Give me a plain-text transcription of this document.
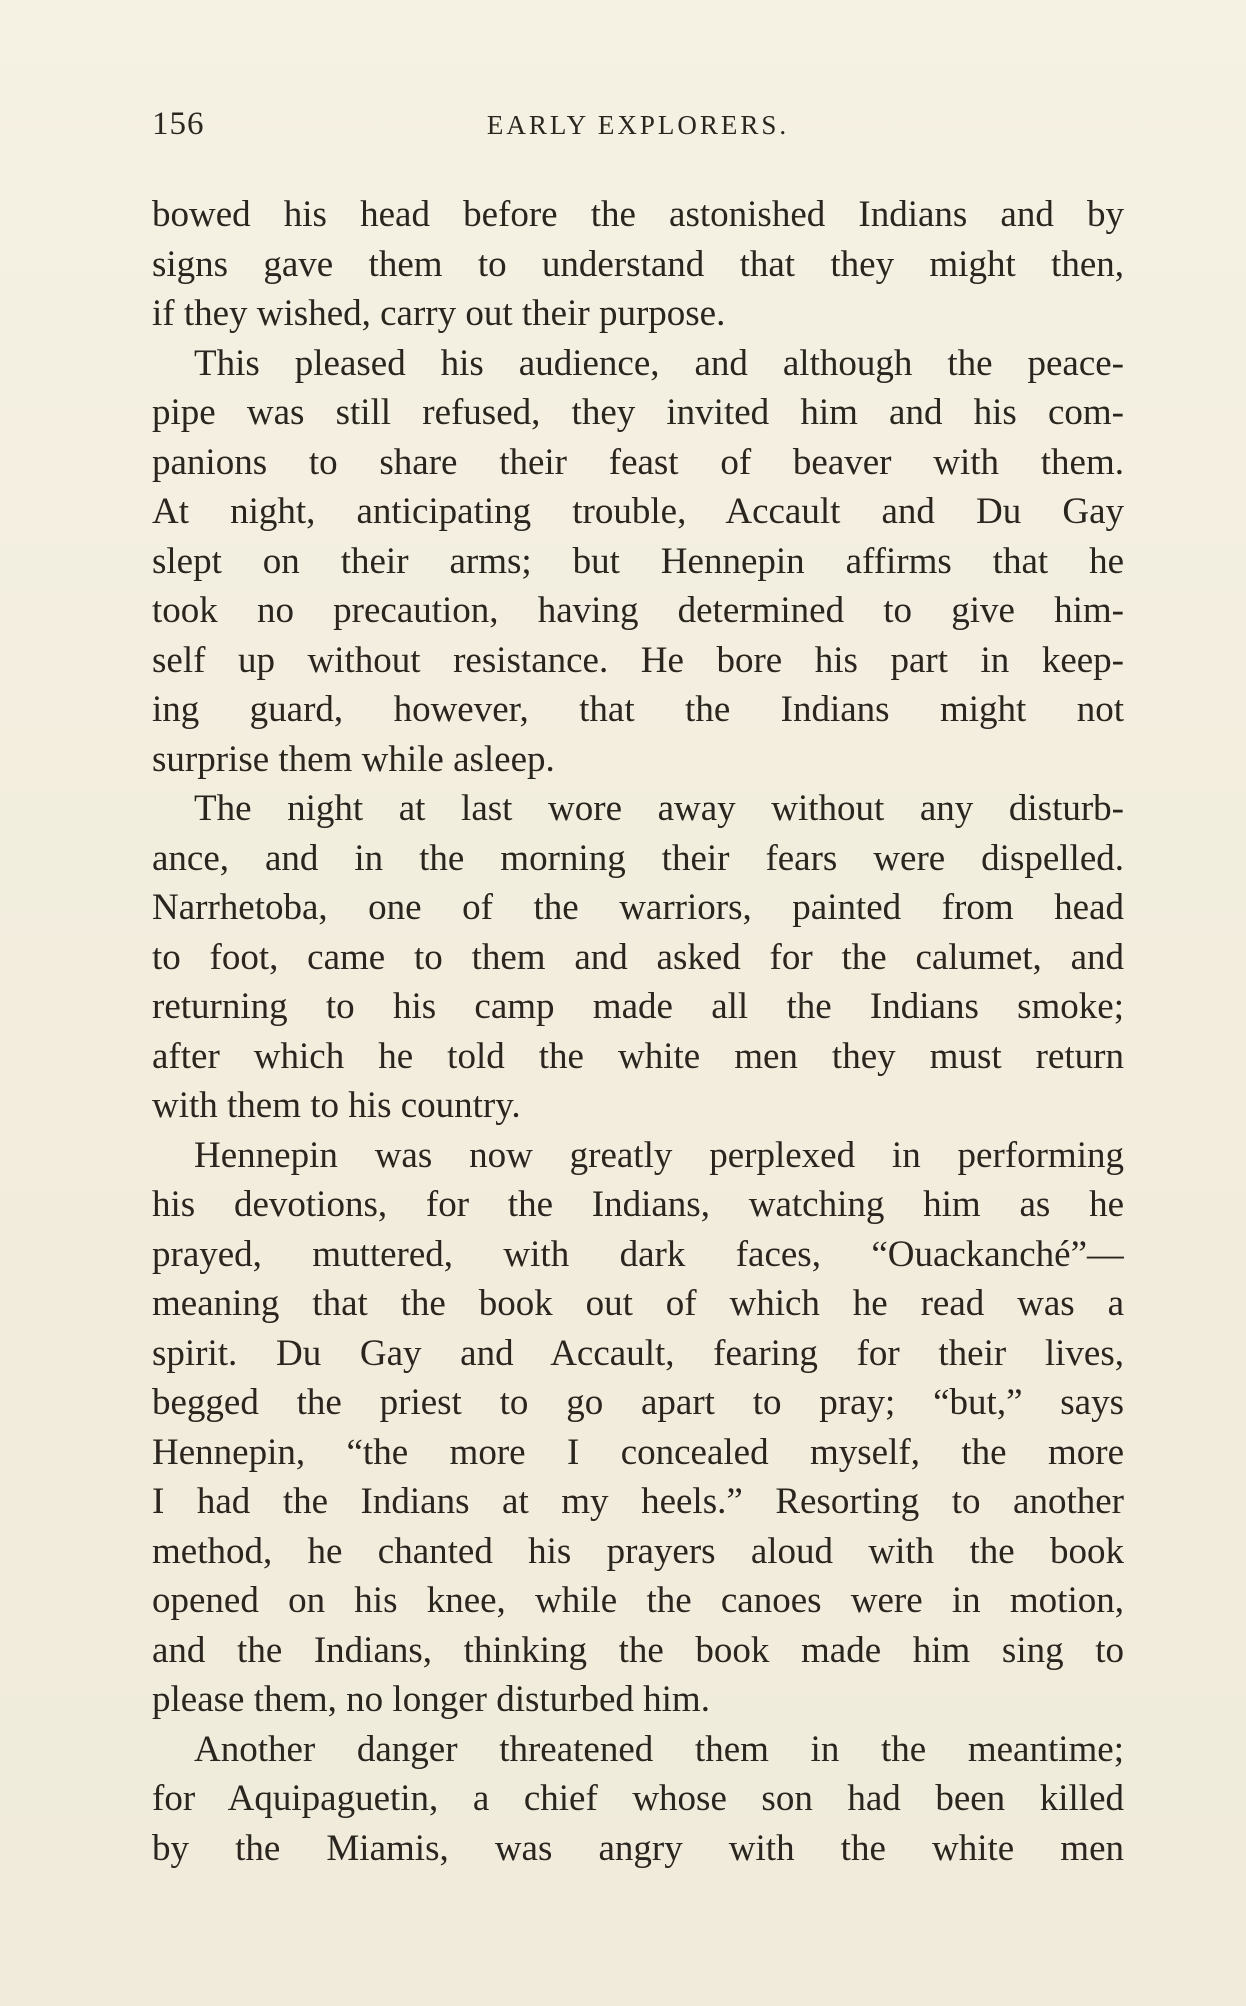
156	EARLY EXPLORERS.
bowed his head before the astonished Indians and by
signs gave them to understand that they might then,
if they wished, carry out their purpose.
This pleased his audience, and although the peace-
pipe was still refused, they invited him and his com-
panions to share their feast of beaver with them.
At night, anticipating trouble, Accault and Du Gay
slept on their arms; but Hennepin affirms that he
took no precaution, having determined to give him-
self up without resistance. He bore his part in keep-
ing guard, however, that the Indians might not
surprise them while asleep.
The night at last wore away without any disturb-
ance, and in the morning their fears were dispelled.
Narrhetoba, one of the warriors, painted from head
to foot, came to them and asked for the calumet, and
returning to his camp made all the Indians smoke;
after which he told the white men they must return
with them to his country.
Hennepin was now greatly perplexed in performing
his devotions, for the Indians, watching him as he
prayed, muttered, with dark faces, “Ouackanché”—
meaning that the book out of which he read was a
spirit. Du Gay and Accault, fearing for their lives,
begged the priest to go apart to pray; “but,” says
Hennepin, “the more I concealed myself, the more
I had the Indians at my heels.” Resorting to another
method, he chanted his prayers aloud with the book
opened on his knee, while the canoes were in motion,
and the Indians, thinking the book made him sing to
please them, no longer disturbed him.
Another danger threatened them in the meantime;
for Aquipaguetin, a chief whose son had been killed
by the Miamis, was angry with the white men
